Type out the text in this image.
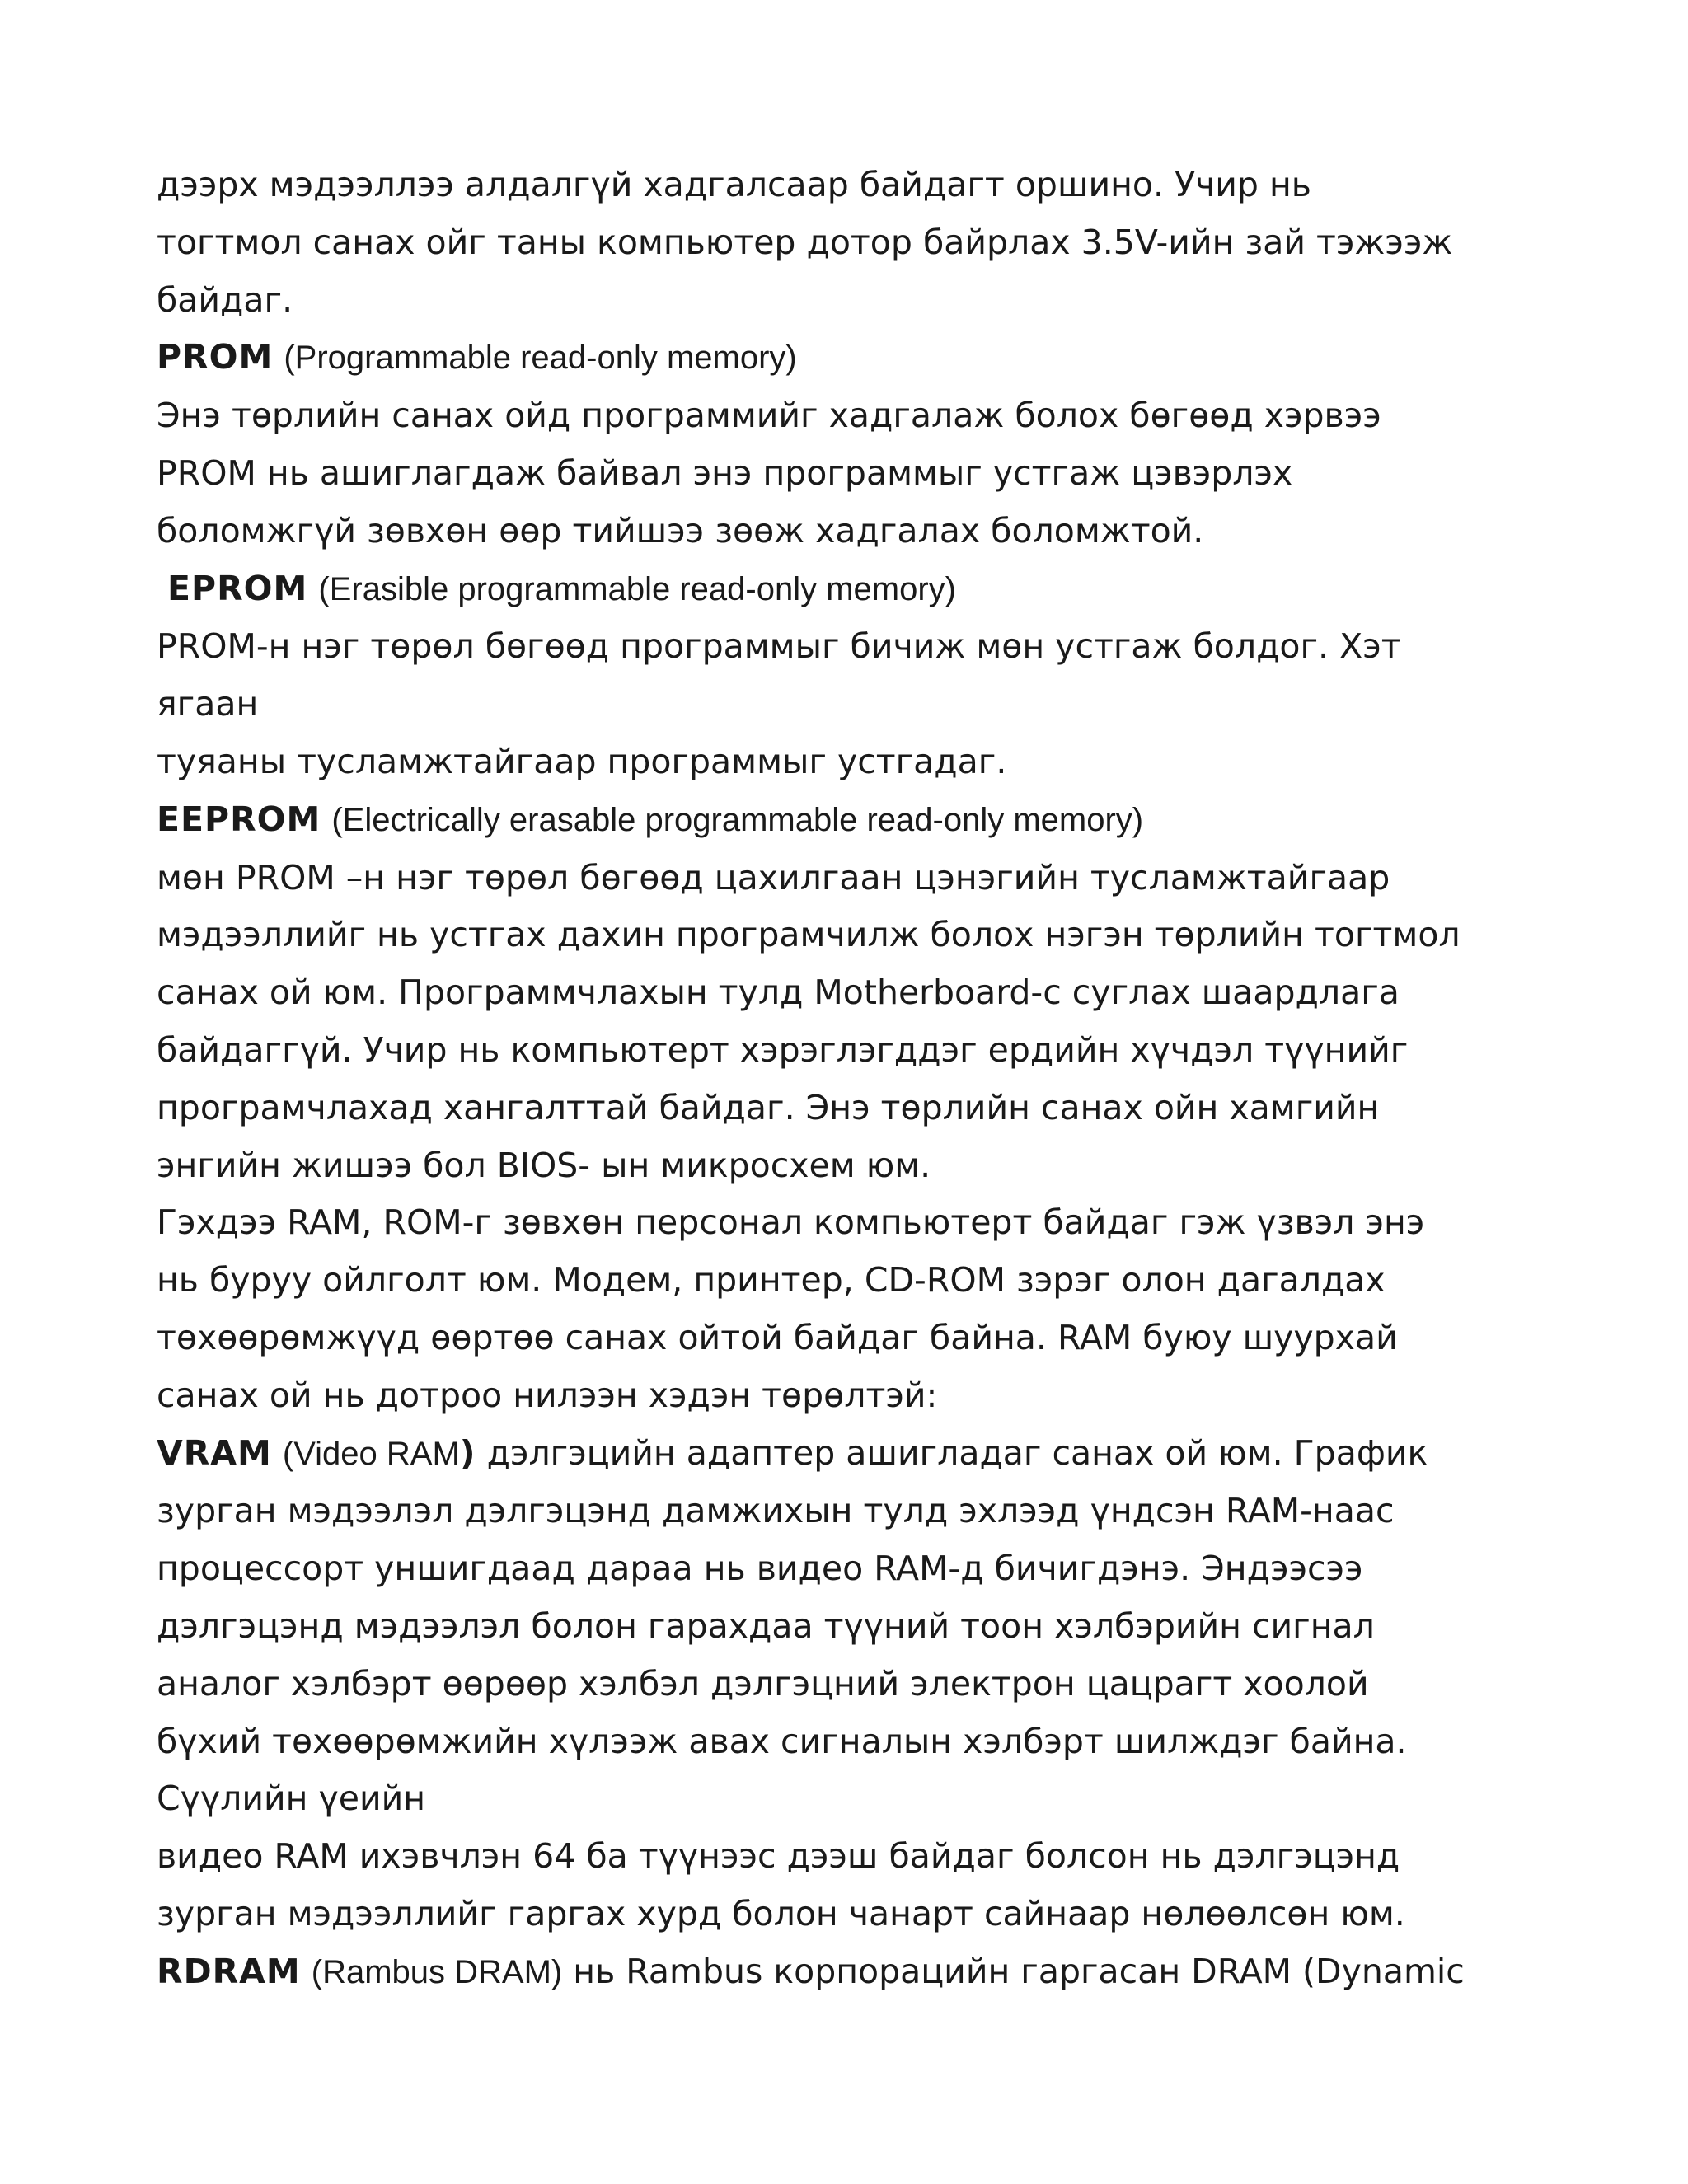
дээрх мэдээллээ алдалгүй хадгалсаар байдагт оршино. Учир нь
тогтмол санах ойг таны компьютер дотор байрлах 3.5V-ийн зай тэжээж
байдаг.
PROM (Programmable read-only memory)
Энэ төрлийн санах ойд программийг хадгалаж болох бөгөөд хэрвээ
PROM нь ашиглагдаж байвал энэ программыг устгаж цэвэрлэх
боломжгүй зөвхөн өөр тийшээ зөөж хадгалах боломжтой.
EPROM (Erasible programmable read-only memory)
PROM-н нэг төрөл бөгөөд программыг бичиж мөн устгаж болдог. Хэт
ягаан
туяаны тусламжтайгаар программыг устгадаг.
EEPROM (Electrically erasable programmable read-only memory)
мөн PROM –н нэг төрөл бөгөөд цахилгаан цэнэгийн тусламжтайгаар
мэдээллийг нь устгах дахин програмчилж болох нэгэн төрлийн тогтмол
санах ой юм. Программчлахын тулд Motherboard-с суглах шаардлага
байдаггүй. Учир нь компьютерт хэрэглэгддэг ердийн хүчдэл түүнийг
програмчлахад хангалттай байдаг. Энэ төрлийн санах ойн хамгийн
энгийн жишээ бол BIOS- ын микросхем юм.
Гэхдээ RAM, ROM-г зөвхөн персонал компьютерт байдаг гэж үзвэл энэ
нь буруу ойлголт юм. Модем, принтер, CD-ROM зэрэг олон дагалдах
төхөөрөмжүүд өөртөө санах ойтой байдаг байна. RAM буюу шуурхай
санах ой нь дотроо нилээн хэдэн төрөлтэй:
VRAM (Video RAM) дэлгэцийн адаптер ашигладаг санах ой юм. График
зурган мэдээлэл дэлгэцэнд дамжихын тулд эхлээд үндсэн RAM-наас
процессорт уншигдаад дараа нь видео RAM-д бичигдэнэ. Эндээсээ
дэлгэцэнд мэдээлэл болон гарахдаа түүний тоон хэлбэрийн сигнал
аналог хэлбэрт өөрөөр хэлбэл дэлгэцний электрон цацрагт хоолой
бүхий төхөөрөмжийн хүлээж авах сигналын хэлбэрт шилждэг байна.
Сүүлийн үеийн
видео RAM ихэвчлэн 64 ба түүнээс дээш байдаг болсон нь дэлгэцэнд
зурган мэдээллийг гаргах хурд болон чанарт сайнаар нөлөөлсөн юм.
RDRAM (Rambus DRAM) нь Rambus корпорацийн гаргасан DRAM (Dynamic
